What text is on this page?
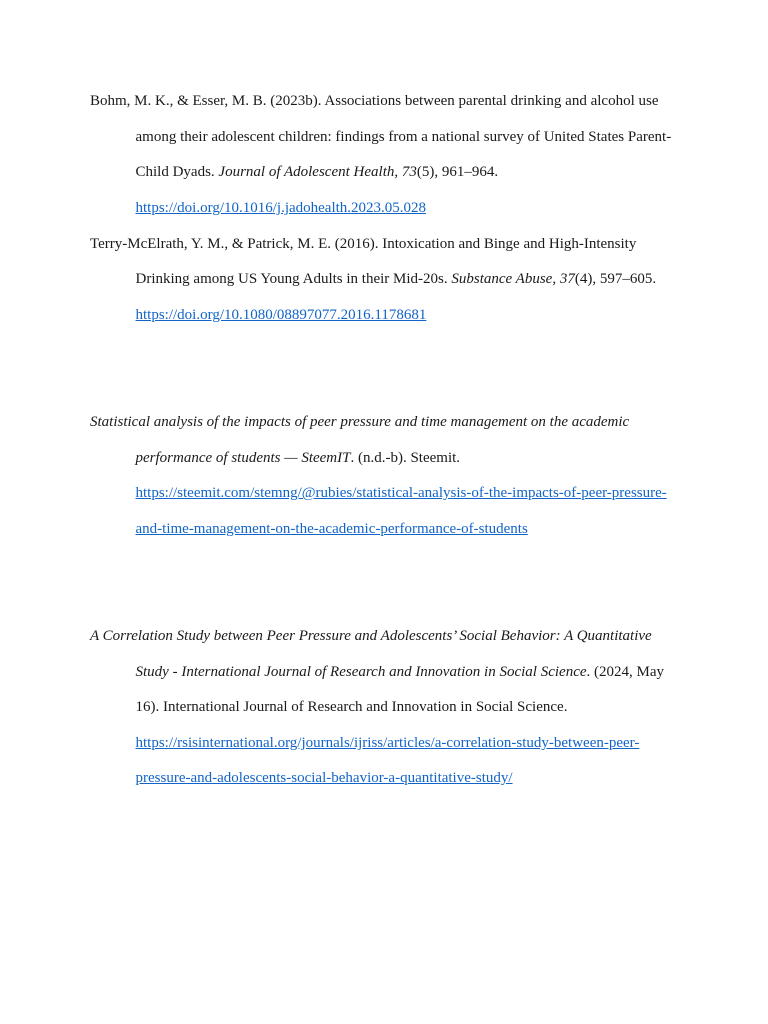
Bohm, M. K., & Esser, M. B. (2023b). Associations between parental drinking and alcohol use
among their adolescent children: findings from a national survey of United States Parent-
Child Dyads. Journal of Adolescent Health, 73(5), 961–964.
https://doi.org/10.1016/j.jadohealth.2023.05.028
Terry-McElrath, Y. M., & Patrick, M. E. (2016). Intoxication and Binge and High-Intensity
Drinking among US Young Adults in their Mid-20s. Substance Abuse, 37(4), 597–605.
https://doi.org/10.1080/08897077.2016.1178681
Statistical analysis of the impacts of peer pressure and time management on the academic
performance of students — SteemIT. (n.d.-b). Steemit.
https://steemit.com/stemng/@rubies/statistical-analysis-of-the-impacts-of-peer-pressure-
and-time-management-on-the-academic-performance-of-students
A Correlation Study between Peer Pressure and Adolescents’ Social Behavior: A Quantitative
Study - International Journal of Research and Innovation in Social Science. (2024, May
16). International Journal of Research and Innovation in Social Science.
https://rsisinternational.org/journals/ijriss/articles/a-correlation-study-between-peer-
pressure-and-adolescents-social-behavior-a-quantitative-study/
